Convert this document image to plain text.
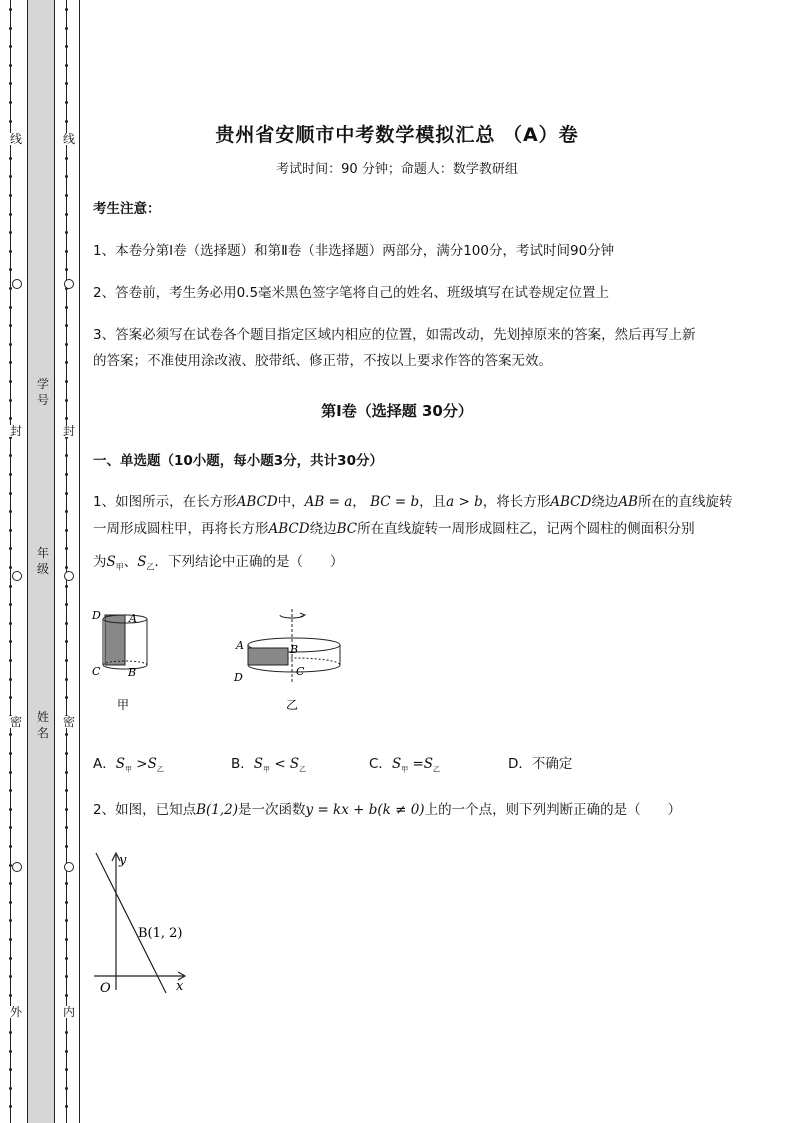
线
封
密
外
线
封
密
内
学号
年级
姓名
贵州省安顺市中考数学模拟汇总 （A）卷
考试时间：90 分钟；命题人：数学教研组
考生注意：
1、本卷分第Ⅰ卷（选择题）和第Ⅱ卷（非选择题）两部分，满分100分，考试时间90分钟
2、答卷前，考生务必用0.5毫米黑色签字笔将自己的姓名、班级填写在试卷规定位置上
3、答案必须写在试卷各个题目指定区域内相应的位置，如需改动，先划掉原来的答案，然后再写上新
的答案；不准使用涂改液、胶带纸、修正带，不按以上要求作答的答案无效。
第Ⅰ卷（选择题 30分）
一、单选题（10小题，每小题3分，共计30分）
1、如图所示，在长方形ABCD中，AB = a， BC = b，且a > b，将长方形ABCD绕边AB所在的直线旋转
一周形成圆柱甲，再将长方形ABCD绕边BC所在直线旋转一周形成圆柱乙，记两个圆柱的侧面积分别
为$S_甲$、$S_乙$．下列结论中正确的是（　　）
D	A
C	B
甲
A	B
C
D
乙
A．$S_甲 >S_乙$	B．$S_甲 < S_乙$	C．$S_甲 =S_乙$	D．不确定
2、如图，已知点B(1,2)是一次函数y = kx + b(k ≠ 0)上的一个点，则下列判断正确的是（　　）
y
x
O
B(1, 2)
